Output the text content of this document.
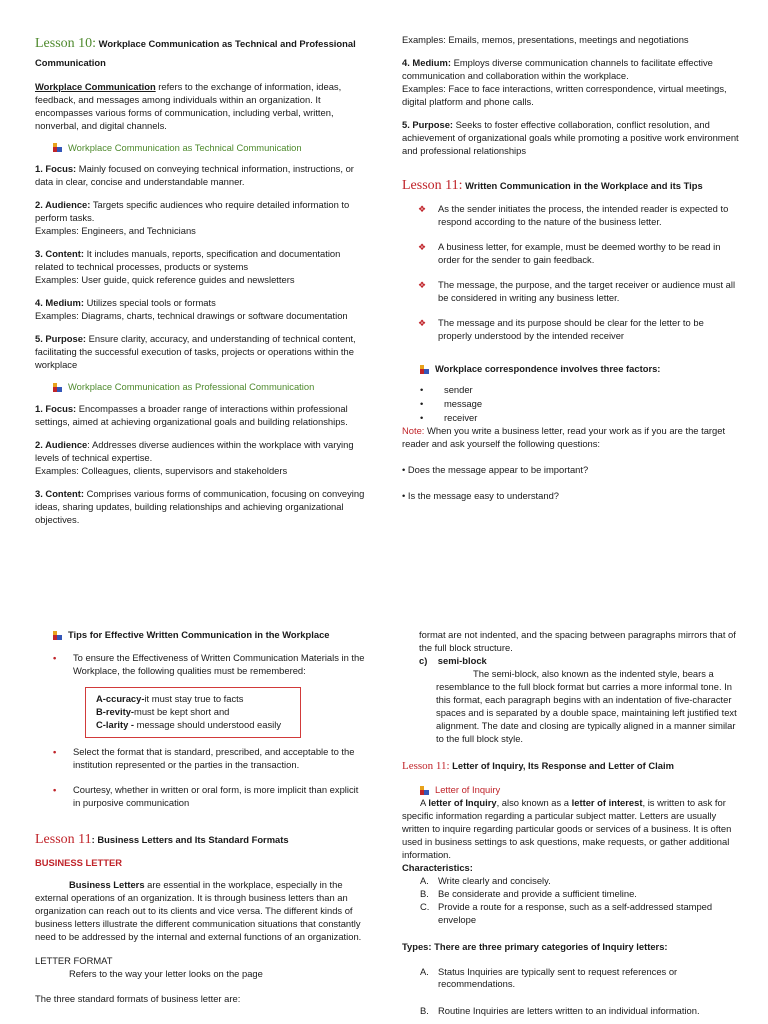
Lesson 10: Workplace Communication as Technical and Professional Communication

Workplace Communication refers to the exchange of information, ideas, feedback, and messages among individuals within an organization. It encompasses various forms of communication, including verbal, written, nonverbal, and digital channels.

Workplace Communication as Technical Communication

1. Focus: Mainly focused on conveying technical information, instructions, or data in clear, concise and understandable manner.

2. Audience: Targets specific audiences who require detailed information to perform tasks.
Examples: Engineers, and Technicians

3. Content: It includes manuals, reports, specification and documentation related to technical processes, products or systems
Examples: User guide, quick reference guides and newsletters

4. Medium: Utilizes special tools or formats
Examples: Diagrams, charts, technical drawings or software documentation

5. Purpose: Ensure clarity, accuracy, and understanding of technical content, facilitating the successful execution of tasks, projects or operations within the workplace

Workplace Communication as Professional Communication

1. Focus: Encompasses a broader range of interactions within professional settings, aimed at achieving organizational goals and building relationships.

2. Audience: Addresses diverse audiences within the workplace with varying levels of technical expertise.
Examples: Colleagues, clients, supervisors and stakeholders

3. Content: Comprises various forms of communication, focusing on conveying ideas, sharing updates, building relationships and achieving organizational objectives.

Examples: Emails, memos, presentations, meetings and negotiations

4. Medium: Employs diverse communication channels to facilitate effective communication and collaboration within the workplace.
Examples: Face to face interactions, written correspondence, virtual meetings, digital platform and phone calls.

5. Purpose: Seeks to foster effective collaboration, conflict resolution, and achievement of organizational goals while promoting a positive work environment and professional relationships

Lesson 11: Written Communication in the Workplace and its Tips

❖	As the sender initiates the process, the intended reader is expected to respond according to the nature of the business letter.
❖	A business letter, for example, must be deemed worthy to be read in order for the sender to gain feedback.
❖	The message, the purpose, and the target receiver or audience must all be considered in writing any business letter.
❖	The message and its purpose should be clear for the letter to be properly understood by the intended receiver
Workplace correspondence involves three factors:
•	sender
•	message
•	receiver

Note: When you write a business letter, read your work as if you are the target reader and ask yourself the following questions:

• Does the message appear to be important?

• Is the message easy to understand?

Tips for Effective Written Communication in the Workplace
•	To ensure the Effectiveness of Written Communication Materials in the Workplace, the following qualities must be remembered:

A-ccuracy-it must stay true to facts

B-revity-must be kept short and

C-larity - message should understood easily

•	Select the format that is standard, prescribed, and acceptable to the institution represented or the parties in the transaction.
•	Courtesy, whether in written or oral form, is more implicit than explicit in purposive communication

Lesson 11: Business Letters and Its Standard Formats

BUSINESS LETTER

Business Letters are essential in the workplace, especially in the external operations of an organization. It is through business letters than an organization can reach out to its clients and vice versa. The different kinds of business letters illustrate the different communication situations that constantly need to be addressed by the internal and external functions of an organization.

LETTER FORMAT

Refers to the way your letter looks on the page

The three standard formats of business letter are:

format are not indented, and the spacing between paragraphs mirrors that of the full block structure.

c) semi-block

The semi-block, also known as the indented style, bears a resemblance to the full block format but carries a more informal tone. In this format, each paragraph begins with an indentation of five-character spaces and is separated by a double space, maintaining left justified text alignment. The date and closing are typically aligned in a manner similar to the full block style.

Lesson 11: Letter of Inquiry, Its Response and Letter of Claim

Letter of Inquiry

A letter of Inquiry, also known as a letter of interest, is written to ask for specific information regarding a particular subject matter. Letters are usually written to inquire regarding particular goods or services of a business. It is often used in business settings to ask questions, make requests, or gather additional information.

Characteristics:

A. Write clearly and concisely.
B. Be considerate and provide a sufficient timeline.
C. Provide a route for a response, such as a self-addressed stamped envelope

Types: There are three primary categories of Inquiry letters:

A. Status Inquiries are typically sent to request references or recommendations.
B. Routine Inquiries are letters written to an individual information.
